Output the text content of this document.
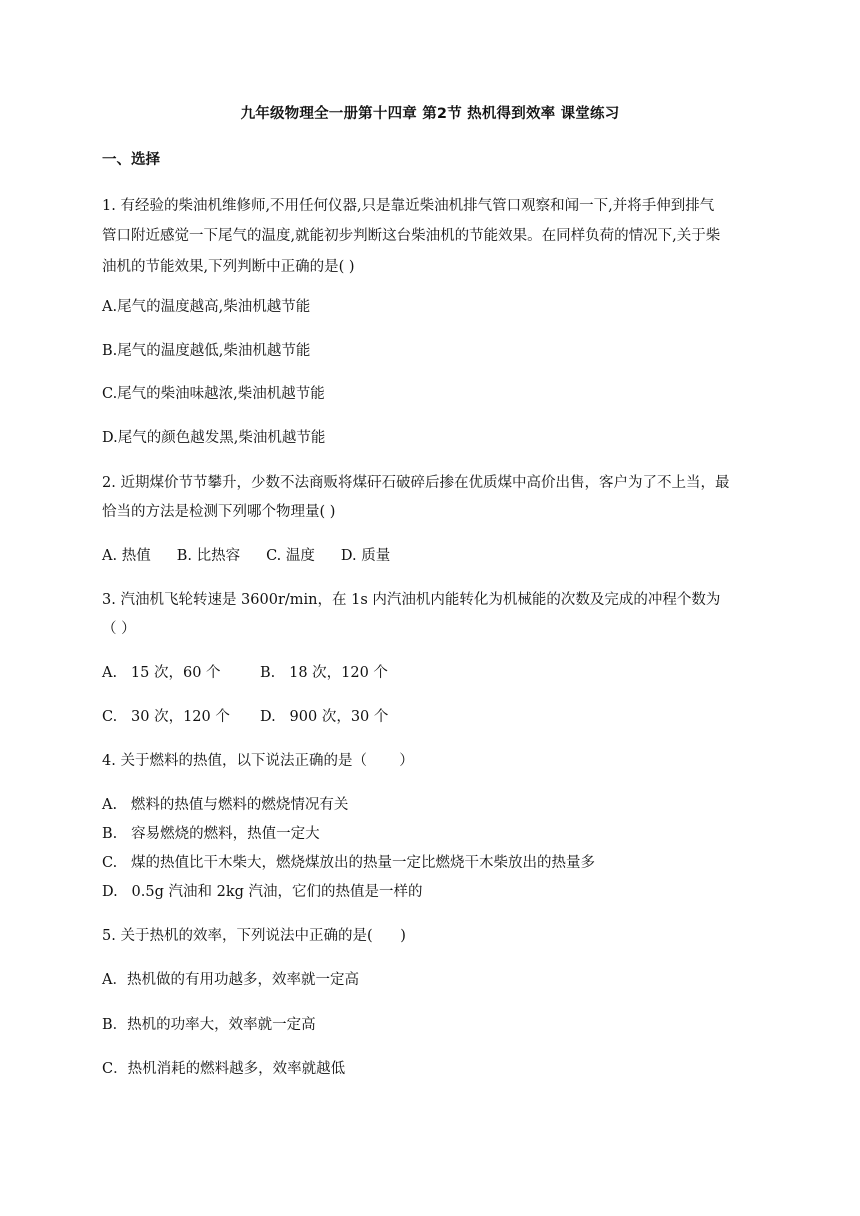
九年级物理全一册第十四章 第2节 热机得到效率 课堂练习
一、选择
1. 有经验的柴油机维修师,不用任何仪器,只是靠近柴油机排气管口观察和闻一下,并将手伸到排气
管口附近感觉一下尾气的温度,就能初步判断这台柴油机的节能效果。在同样负荷的情况下,关于柴
油机的节能效果,下列判断中正确的是( )
A.尾气的温度越高,柴油机越节能
B.尾气的温度越低,柴油机越节能
C.尾气的柴油味越浓,柴油机越节能
D.尾气的颜色越发黑,柴油机越节能
2. 近期煤价节节攀升，少数不法商贩将煤矸石破碎后掺在优质煤中高价出售，客户为了不上当，最
恰当的方法是检测下列哪个物理量( )
A. 热值 B. 比热容 C. 温度 D. 质量
3. 汽油机飞轮转速是 3600r/min，在 1s 内汽油机内能转化为机械能的次数及完成的冲程个数为
（ ）
A.   15 次，60 个	B.   18 次，120 个
C.   30 次，120 个 D.   900 次，30 个
4. 关于燃料的热值，以下说法正确的是（       ）
A.   燃料的热值与燃料的燃烧情况有关
B.   容易燃烧的燃料，热值一定大
C.   煤的热值比干木柴大，燃烧煤放出的热量一定比燃烧干木柴放出的热量多
D.   0.5g 汽油和 2kg 汽油，它们的热值是一样的
5. 关于热机的效率，下列说法中正确的是(      )
A．热机做的有用功越多，效率就一定高
B．热机的功率大，效率就一定高
C．热机消耗的燃料越多，效率就越低
